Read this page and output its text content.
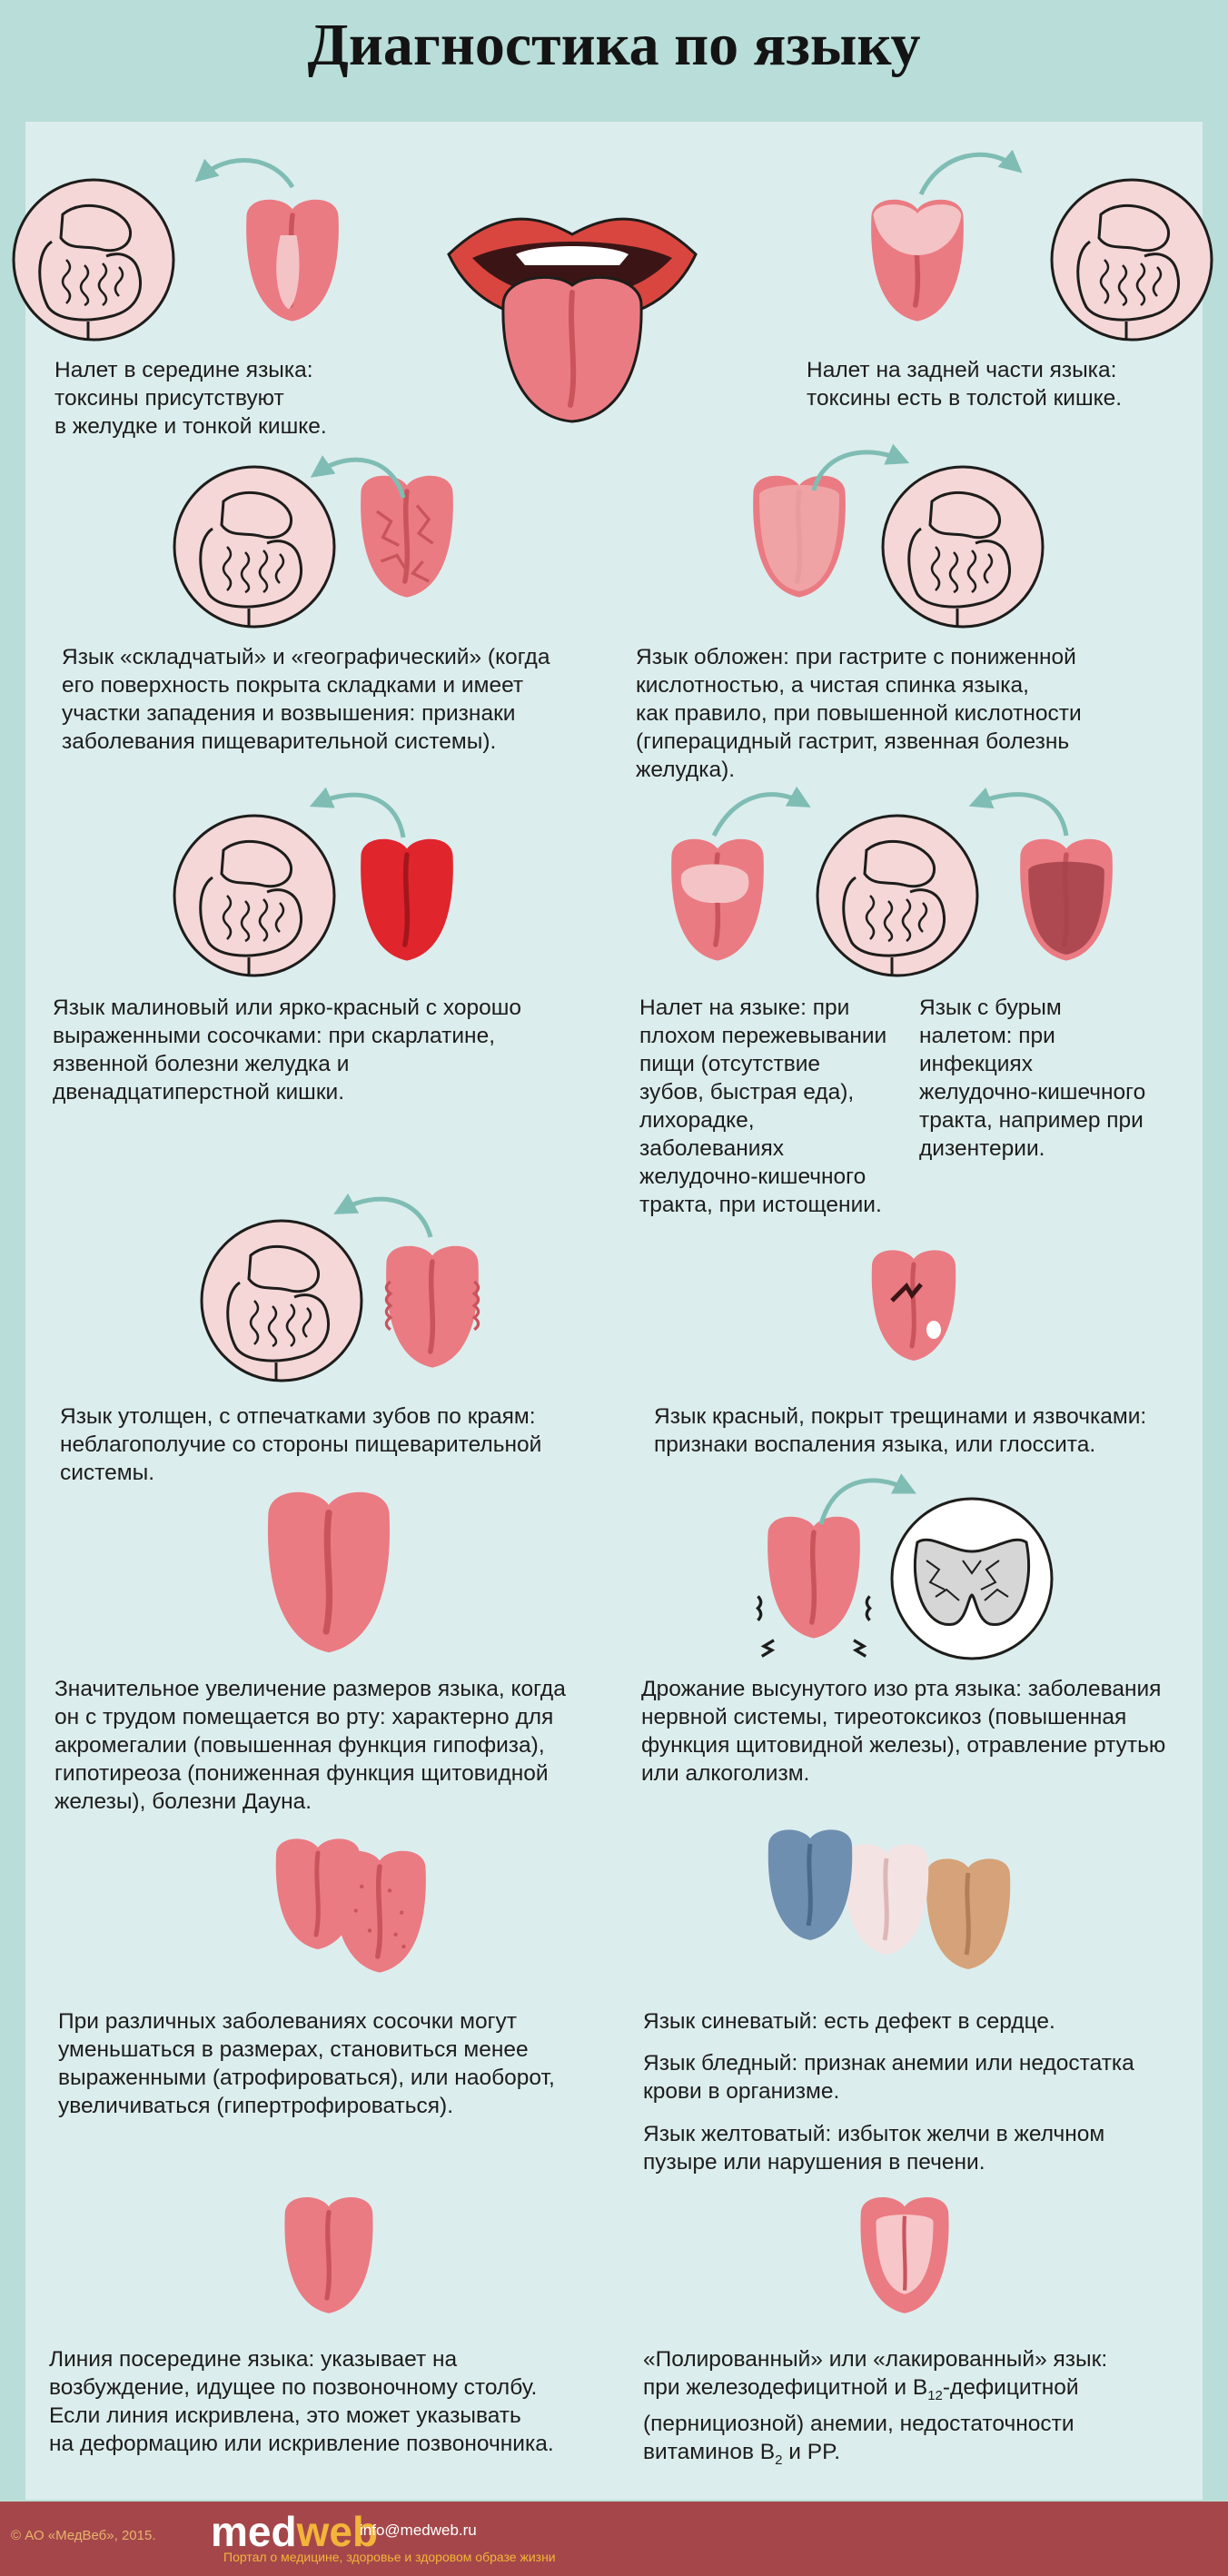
Диагностика по языку

Налет в середине языка:
токсины присутствуют
в желудке и тонкой кишке.

Налет на задней части языка:
токсины есть в толстой кишке.

Язык «складчатый» и «географический» (когда
его поверхность покрыта складками и имеет
участки западения и возвышения: признаки
заболевания пищеварительной системы).

Язык обложен: при гастрите с пониженной
кислотностью, а чистая спинка языка,
как правило, при повышенной кислотности
(гиперацидный гастрит, язвенная болезнь
желудка).

Язык малиновый или ярко-красный с хорошо
выраженными сосочками: при скарлатине,
язвенной болезни желудка и
двенадцатиперстной кишки.

Налет на языке: при
плохом пережевывании
пищи (отсутствие
зубов, быстрая еда),
лихорадке,
заболеваниях
желудочно-кишечного
тракта, при истощении.

Язык с бурым
налетом: при
инфекциях
желудочно-кишечного
тракта, например при
дизентерии.

Язык утолщен, с отпечатками зубов по краям:
неблагополучие со стороны пищеварительной
системы.

Язык красный, покрыт трещинами и язвочками:
признаки воспаления языка, или глоссита.

Значительное увеличение размеров языка, когда
он с трудом помещается во рту: характерно для
акромегалии (повышенная функция гипофиза),
гипотиреоза (пониженная функция щитовидной
железы), болезни Дауна.

Дрожание высунутого изо рта языка: заболевания
нервной системы, тиреотоксикоз (повышенная
функция щитовидной железы), отравление ртутью
или алкоголизм.

При различных заболеваниях сосочки могут
уменьшаться в размерах, становиться менее
выраженными (атрофироваться), или наоборот,
увеличиваться (гипертрофироваться).

Язык синеватый: есть дефект в сердце.

Язык бледный: признак анемии или недостатка
крови в организме.

Язык желтоватый: избыток желчи в желчном
пузыре или нарушения в печени.

Линия посередине языка: указывает на
возбуждение, идущее по позвоночному столбу.
Если линия искривлена, это может указывать
на деформацию или искривление позвоночника.

«Полированный» или «лакированный» язык:
при железодефицитной и $B_{12}$-дефицитной
(пернициозной) анемии, недостаточности
витаминов $B_2$ и PP.

© АО «МедВеб», 2015. medweb
info@medweb.ru
Портал о медицине, здоровье и здоровом образе жизни
